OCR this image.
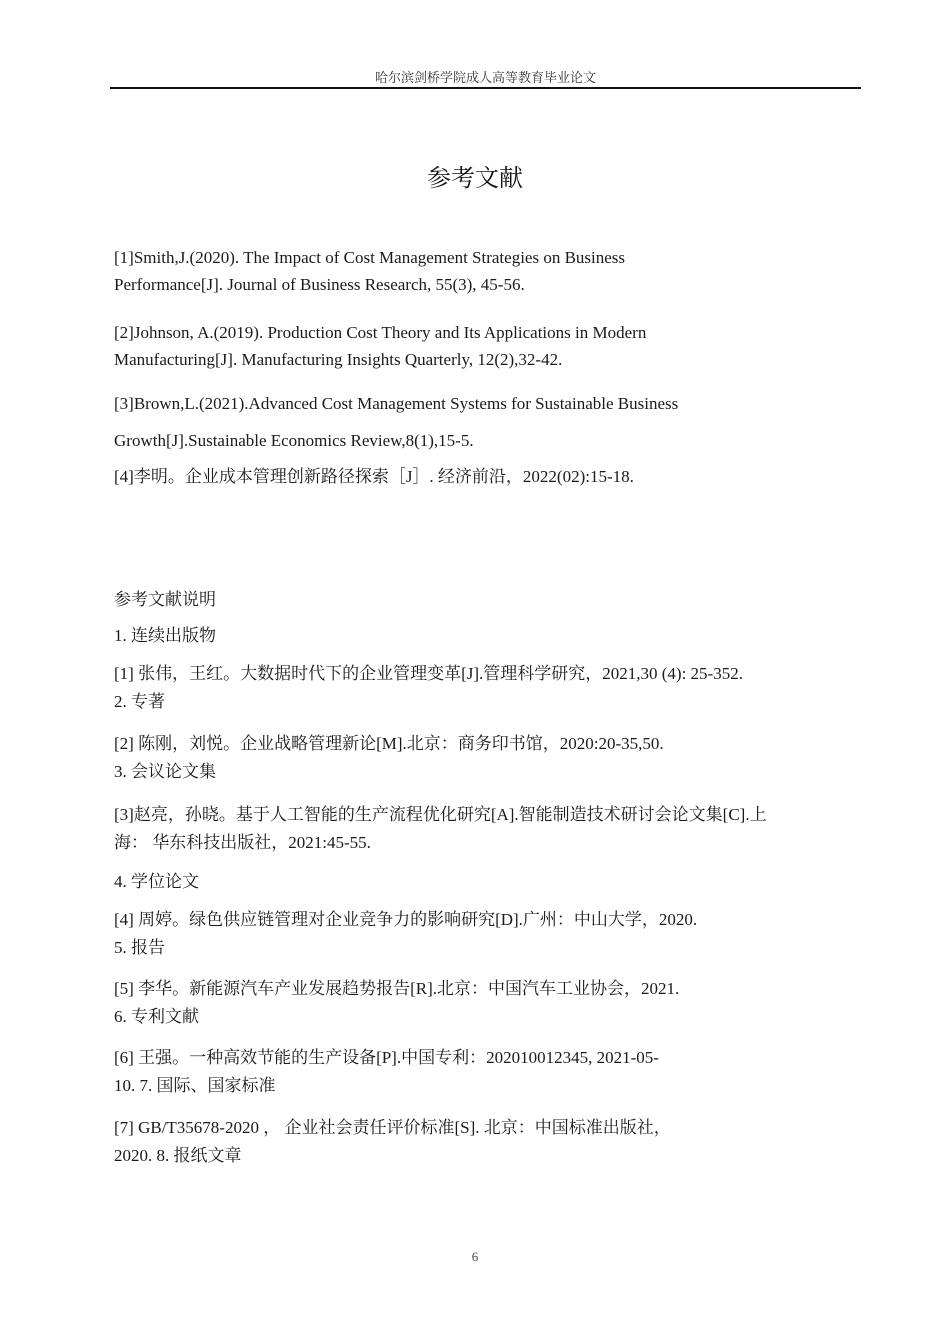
哈尔滨剑桥学院成人高等教育毕业论文
参考文献
[1]Smith,J.(2020). The Impact of Cost Management Strategies on Business
Performance[J]. Journal of Business Research, 55(3), 45-56.
[2]Johnson, A.(2019). Production Cost Theory and Its Applications in Modern
Manufacturing[J]. Manufacturing Insights Quarterly, 12(2),32-42.
[3]Brown,L.(2021).Advanced Cost Management Systems for Sustainable Business
Growth[J].Sustainable Economics Review,8(1),15-5.
[4]李明。企业成本管理创新路径探索［J］. 经济前沿，2022(02):15-18.
参考文献说明
1. 连续出版物
[1] 张伟，王红。大数据时代下的企业管理变革[J].管理科学研究，2021,30 (4): 25-352.
2. 专著
[2] 陈刚，刘悦。企业战略管理新论[M].北京：商务印书馆，2020:20-35,50.
3. 会议论文集
[3]赵亮，孙晓。基于人工智能的生产流程优化研究[A].智能制造技术研讨会论文集[C].上
海： 华东科技出版社，2021:45-55.
4. 学位论文
[4] 周婷。绿色供应链管理对企业竞争力的影响研究[D].广州：中山大学，2020.
5. 报告
[5] 李华。新能源汽车产业发展趋势报告[R].北京：中国汽车工业协会，2021.
6. 专利文献
[6] 王强。一种高效节能的生产设备[P].中国专利：202010012345, 2021-05-
10. 7. 国际、国家标准
[7] GB/T35678-2020 ， 企业社会责任评价标准[S]. 北京：中国标准出版社，
2020. 8. 报纸文章
6
